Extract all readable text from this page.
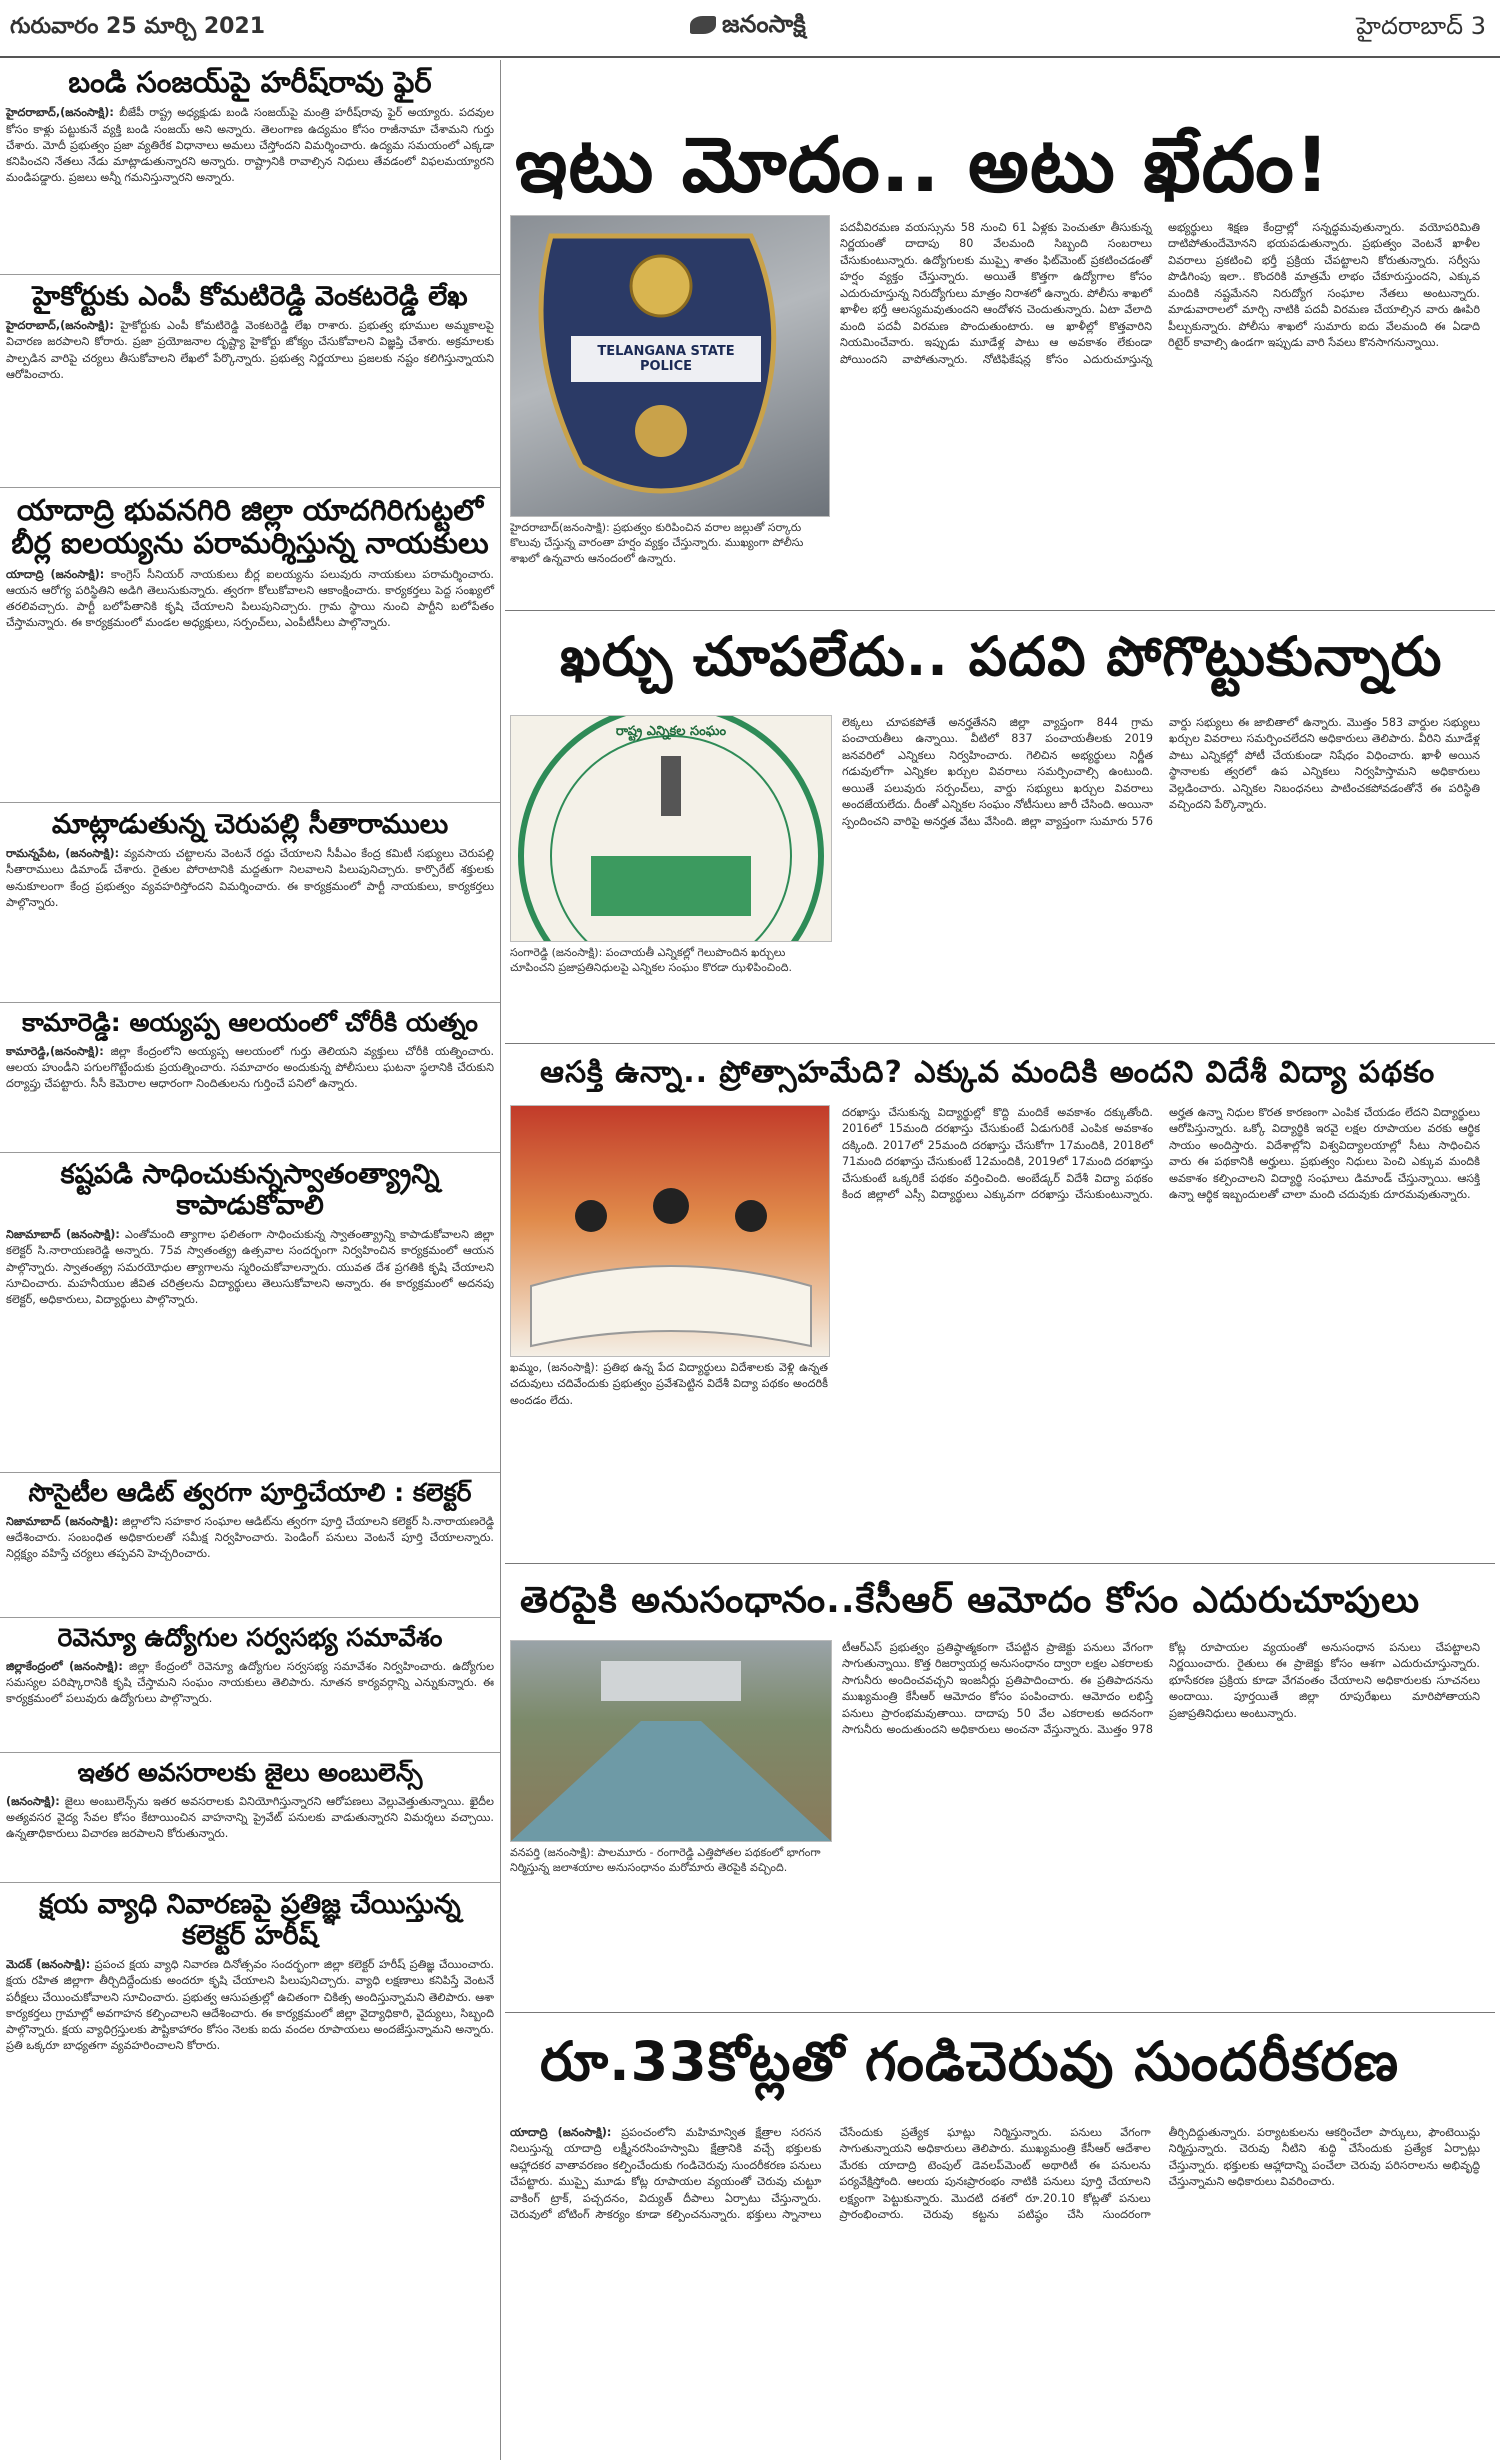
గురువారం 25 మార్చి 2021	జనంసాక్షి	హైదరాబాద్ 3
బండి సంజయ్‌పై హరీష్‌రావు ఫైర్‌

హైదరాబాద్‌,(జనంసాక్షి): బీజేపీ రాష్ట్ర అధ్యక్షుడు బండి సంజయ్‌పై మంత్రి హరీష్‌రావు ఫైర్‌ అయ్యారు. పదవుల కోసం కాళ్లు పట్టుకునే వ్యక్తి బండి సంజయ్‌ అని అన్నారు. తెలంగాణ ఉద్యమం కోసం రాజీనామా చేశామని గుర్తు చేశారు. మోదీ ప్రభుత్వం ప్రజా వ్యతిరేక విధానాలు అమలు చేస్తోందని విమర్శించారు. ఉద్యమ సమయంలో ఎక్కడా కనిపించని నేతలు నేడు మాట్లాడుతున్నారని అన్నారు. రాష్ట్రానికి రావాల్సిన నిధులు తేవడంలో విఫలమయ్యారని మండిపడ్డారు. ప్రజలు అన్నీ గమనిస్తున్నారని అన్నారు.

హైకోర్టుకు ఎంపీ కోమటిరెడ్డి వెంకటరెడ్డి లేఖ

హైదరాబాద్‌,(జనంసాక్షి): హైకోర్టుకు ఎంపీ కోమటిరెడ్డి వెంకటరెడ్డి లేఖ రాశారు. ప్రభుత్వ భూముల అమ్మకాలపై విచారణ జరపాలని కోరారు. ప్రజా ప్రయోజనాల దృష్ట్యా హైకోర్టు జోక్యం చేసుకోవాలని విజ్ఞప్తి చేశారు. అక్రమాలకు పాల్పడిన వారిపై చర్యలు తీసుకోవాలని లేఖలో పేర్కొన్నారు. ప్రభుత్వ నిర్ణయాలు ప్రజలకు నష్టం కలిగిస్తున్నాయని ఆరోపించారు.

యాదాద్రి భువనగిరి జిల్లా యాదగిరిగుట్టలో బీర్ల ఐలయ్యను పరామర్శిస్తున్న నాయకులు

యాదాద్రి (జనంసాక్షి): కాంగ్రెస్‌ సీనియర్‌ నాయకులు బీర్ల ఐలయ్యను పలువురు నాయకులు పరామర్శించారు. ఆయన ఆరోగ్య పరిస్థితిని అడిగి తెలుసుకున్నారు. త్వరగా కోలుకోవాలని ఆకాంక్షించారు. కార్యకర్తలు పెద్ద సంఖ్యలో తరలివచ్చారు. పార్టీ బలోపేతానికి కృషి చేయాలని పిలుపునిచ్చారు. గ్రామ స్థాయి నుంచి పార్టీని బలోపేతం చేస్తామన్నారు. ఈ కార్యక్రమంలో మండల అధ్యక్షులు, సర్పంచ్‌లు, ఎంపీటీసీలు పాల్గొన్నారు.

మాట్లాడుతున్న చెరుపల్లి సీతారాములు

రామన్నపేట, (జనంసాక్షి): వ్యవసాయ చట్టాలను వెంటనే రద్దు చేయాలని సీపీఎం కేంద్ర కమిటీ సభ్యులు చెరుపల్లి సీతారాములు డిమాండ్‌ చేశారు. రైతుల పోరాటానికి మద్దతుగా నిలవాలని పిలుపునిచ్చారు. కార్పొరేట్‌ శక్తులకు అనుకూలంగా కేంద్ర ప్రభుత్వం వ్యవహరిస్తోందని విమర్శించారు. ఈ కార్యక్రమంలో పార్టీ నాయకులు, కార్యకర్తలు పాల్గొన్నారు.

కామారెడ్డి: అయ్యప్ప ఆలయంలో చోరీకి యత్నం

కామారెడ్డి,(జనంసాక్షి): జిల్లా కేంద్రంలోని అయ్యప్ప ఆలయంలో గుర్తు తెలియని వ్యక్తులు చోరీకి యత్నించారు. ఆలయ హుండీని పగులగొట్టేందుకు ప్రయత్నించారు. సమాచారం అందుకున్న పోలీసులు ఘటనా స్థలానికి చేరుకుని దర్యాప్తు చేపట్టారు. సీసీ కెమెరాల ఆధారంగా నిందితులను గుర్తించే పనిలో ఉన్నారు.

కష్టపడి సాధించుకున్నస్వాతంత్య్రాన్ని కాపాడుకోవాలి

నిజామాబాద్‌ (జనంసాక్షి): ఎంతోమంది త్యాగాల ఫలితంగా సాధించుకున్న స్వాతంత్య్రాన్ని కాపాడుకోవాలని జిల్లా కలెక్టర్‌ సి.నారాయణరెడ్డి అన్నారు. 75వ స్వాతంత్య్ర ఉత్సవాల సందర్భంగా నిర్వహించిన కార్యక్రమంలో ఆయన పాల్గొన్నారు. స్వాతంత్య్ర సమరయోధుల త్యాగాలను స్మరించుకోవాలన్నారు. యువత దేశ ప్రగతికి కృషి చేయాలని సూచించారు. మహనీయుల జీవిత చరిత్రలను విద్యార్థులు తెలుసుకోవాలని అన్నారు. ఈ కార్యక్రమంలో అదనపు కలెక్టర్‌, అధికారులు, విద్యార్థులు పాల్గొన్నారు.

సొసైటీల ఆడిట్‌ త్వరగా పూర్తిచేయాలి : కలెక్టర్‌

నిజామాబాద్‌ (జనంసాక్షి): జిల్లాలోని సహకార సంఘాల ఆడిట్‌ను త్వరగా పూర్తి చేయాలని కలెక్టర్‌ సి.నారాయణరెడ్డి ఆదేశించారు. సంబంధిత అధికారులతో సమీక్ష నిర్వహించారు. పెండింగ్‌ పనులు వెంటనే పూర్తి చేయాలన్నారు. నిర్లక్ష్యం వహిస్తే చర్యలు తప్పవని హెచ్చరించారు.

రెవెన్యూ ఉద్యోగుల సర్వసభ్య సమావేశం

జిల్లాకేంద్రంలో (జనంసాక్షి): జిల్లా కేంద్రంలో రెవెన్యూ ఉద్యోగుల సర్వసభ్య సమావేశం నిర్వహించారు. ఉద్యోగుల సమస్యల పరిష్కారానికి కృషి చేస్తామని సంఘం నాయకులు తెలిపారు. నూతన కార్యవర్గాన్ని ఎన్నుకున్నారు. ఈ కార్యక్రమంలో పలువురు ఉద్యోగులు పాల్గొన్నారు.

ఇతర అవసరాలకు జైలు అంబులెన్స్‌

(జనంసాక్షి): జైలు అంబులెన్స్‌ను ఇతర అవసరాలకు వినియోగిస్తున్నారని ఆరోపణలు వెల్లువెత్తుతున్నాయి. ఖైదీల అత్యవసర వైద్య సేవల కోసం కేటాయించిన వాహనాన్ని ప్రైవేట్‌ పనులకు వాడుతున్నారని విమర్శలు వచ్చాయి. ఉన్నతాధికారులు విచారణ జరపాలని కోరుతున్నారు.

క్షయ వ్యాధి నివారణపై ప్రతిజ్ఞ చేయిస్తున్న కలెక్టర్‌ హరీష్‌

మెదక్‌ (జనంసాక్షి): ప్రపంచ క్షయ వ్యాధి నివారణ దినోత్సవం సందర్భంగా జిల్లా కలెక్టర్‌ హరీష్‌ ప్రతిజ్ఞ చేయించారు. క్షయ రహిత జిల్లాగా తీర్చిదిద్దేందుకు అందరూ కృషి చేయాలని పిలుపునిచ్చారు. వ్యాధి లక్షణాలు కనిపిస్తే వెంటనే పరీక్షలు చేయించుకోవాలని సూచించారు. ప్రభుత్వ ఆసుపత్రుల్లో ఉచితంగా చికిత్స అందిస్తున్నామని తెలిపారు. ఆశా కార్యకర్తలు గ్రామాల్లో అవగాహన కల్పించాలని ఆదేశించారు. ఈ కార్యక్రమంలో జిల్లా వైద్యాధికారి, వైద్యులు, సిబ్బంది పాల్గొన్నారు. క్షయ వ్యాధిగ్రస్తులకు పౌష్టికాహారం కోసం నెలకు ఐదు వందల రూపాయలు అందజేస్తున్నామని అన్నారు. ప్రతి ఒక్కరూ బాధ్యతగా వ్యవహరించాలని కోరారు.

ఇటు మోదం.. అటు ఖేదం!
TELANGANA STATE POLICE
హైదరాబాద్‌(జనంసాక్షి): ప్రభుత్వం కురిపించిన వరాల జల్లుతో సర్కారు కొలువు చేస్తున్న వారంతా హర్షం వ్యక్తం చేస్తున్నారు. ముఖ్యంగా పోలీసు శాఖలో ఉన్నవారు ఆనందంలో ఉన్నారు.
పదవీవిరమణ వయస్సును 58 నుంచి 61 ఏళ్లకు పెంచుతూ తీసుకున్న నిర్ణయంతో దాదాపు 80 వేలమంది సిబ్బంది సంబరాలు చేసుకుంటున్నారు. ఉద్యోగులకు ముప్పై శాతం ఫిట్‌మెంట్‌ ప్రకటించడంతో హర్షం వ్యక్తం చేస్తున్నారు. అయితే కొత్తగా ఉద్యోగాల కోసం ఎదురుచూస్తున్న నిరుద్యోగులు మాత్రం నిరాశలో ఉన్నారు. పోలీసు శాఖలో ఖాళీల భర్తీ ఆలస్యమవుతుందని ఆందోళన చెందుతున్నారు. ఏటా వేలాది మంది పదవీ విరమణ పొందుతుంటారు. ఆ ఖాళీల్లో కొత్తవారిని నియమించేవారు. ఇప్పుడు మూడేళ్ల పాటు ఆ అవకాశం లేకుండా పోయిందని వాపోతున్నారు. నోటిఫికేషన్ల కోసం ఎదురుచూస్తున్న అభ్యర్థులు శిక్షణ కేంద్రాల్లో సన్నద్ధమవుతున్నారు. వయోపరిమితి దాటిపోతుందేమోనని భయపడుతున్నారు. ప్రభుత్వం వెంటనే ఖాళీల వివరాలు ప్రకటించి భర్తీ ప్రక్రియ చేపట్టాలని కోరుతున్నారు. సర్వీసు పొడిగింపు ఇలా.. కొందరికి మాత్రమే లాభం చేకూరుస్తుందని, ఎక్కువ మందికి నష్టమేనని నిరుద్యోగ సంఘాల నేతలు అంటున్నారు. మాడువారాలలో మార్చి నాటికి పదవీ విరమణ చేయాల్సిన వారు ఊపిరి పీల్చుకున్నారు. పోలీసు శాఖలో సుమారు ఐదు వేలమంది ఈ ఏడాది రిటైర్‌ కావాల్సి ఉండగా ఇప్పుడు వారి సేవలు కొనసాగనున్నాయి.
ఖర్చు చూపలేదు.. పదవి పోగొట్టుకున్నారు
రాష్ట్ర ఎన్నికల సంఘం
సంగారెడ్డి (జనంసాక్షి): పంచాయతీ ఎన్నికల్లో గెలుపొందిన ఖర్చులు చూపించని ప్రజాప్రతినిధులపై ఎన్నికల సంఘం కొరడా ఝళిపించింది.
లెక్కలు చూపకపోతే అనర్హతేనని జిల్లా వ్యాప్తంగా 844 గ్రామ పంచాయతీలు ఉన్నాయి. వీటిలో 837 పంచాయతీలకు 2019 జనవరిలో ఎన్నికలు నిర్వహించారు. గెలిచిన అభ్యర్థులు నిర్ణీత గడువులోగా ఎన్నికల ఖర్చుల వివరాలు సమర్పించాల్సి ఉంటుంది. అయితే పలువురు సర్పంచ్‌లు, వార్డు సభ్యులు ఖర్చుల వివరాలు అందజేయలేదు. దీంతో ఎన్నికల సంఘం నోటీసులు జారీ చేసింది. అయినా స్పందించని వారిపై అనర్హత వేటు వేసింది. జిల్లా వ్యాప్తంగా సుమారు 576 వార్డు సభ్యులు ఈ జాబితాలో ఉన్నారు. మొత్తం 583 వార్డుల సభ్యులు ఖర్చుల వివరాలు సమర్పించలేదని అధికారులు తెలిపారు. వీరిని మూడేళ్ల పాటు ఎన్నికల్లో పోటీ చేయకుండా నిషేధం విధించారు. ఖాళీ అయిన స్థానాలకు త్వరలో ఉప ఎన్నికలు నిర్వహిస్తామని అధికారులు వెల్లడించారు. ఎన్నికల నిబంధనలు పాటించకపోవడంతోనే ఈ పరిస్థితి వచ్చిందని పేర్కొన్నారు.
ఆసక్తి ఉన్నా.. ప్రోత్సాహమేది? ఎక్కువ మందికి అందని విదేశీ విద్యా పథకం
ఖమ్మం, (జనంసాక్షి): ప్రతిభ ఉన్న పేద విద్యార్థులు విదేశాలకు వెళ్లి ఉన్నత చదువులు చదివేందుకు ప్రభుత్వం ప్రవేశపెట్టిన విదేశీ విద్యా పథకం అందరికీ అందడం లేదు.
దరఖాస్తు చేసుకున్న విద్యార్థుల్లో కొద్ది మందికే అవకాశం దక్కుతోంది. 2016లో 15మంది దరఖాస్తు చేసుకుంటే ఏడుగురికే ఎంపిక అవకాశం దక్కింది. 2017లో 25మంది దరఖాస్తు చేసుకోగా 17మందికి, 2018లో 71మంది దరఖాస్తు చేసుకుంటే 12మందికి, 2019లో 17మంది దరఖాస్తు చేసుకుంటే ఒక్కరికే పథకం వర్తించింది. అంబేడ్కర్‌ విదేశీ విద్యా పథకం కింద జిల్లాలో ఎస్సీ విద్యార్థులు ఎక్కువగా దరఖాస్తు చేసుకుంటున్నారు. అర్హత ఉన్నా నిధుల కొరత కారణంగా ఎంపిక చేయడం లేదని విద్యార్థులు ఆరోపిస్తున్నారు. ఒక్కో విద్యార్థికి ఇరవై లక్షల రూపాయల వరకు ఆర్థిక సాయం అందిస్తారు. విదేశాల్లోని విశ్వవిద్యాలయాల్లో సీటు సాధించిన వారు ఈ పథకానికి అర్హులు. ప్రభుత్వం నిధులు పెంచి ఎక్కువ మందికి అవకాశం కల్పించాలని విద్యార్థి సంఘాలు డిమాండ్‌ చేస్తున్నాయి. ఆసక్తి ఉన్నా ఆర్థిక ఇబ్బందులతో చాలా మంది చదువుకు దూరమవుతున్నారు.
తెరపైకి అనుసంధానం..కేసీఆర్‌ ఆమోదం కోసం ఎదురుచూపులు
వనపర్తి (జనంసాక్షి): పాలమూరు - రంగారెడ్డి ఎత్తిపోతల పథకంలో భాగంగా నిర్మిస్తున్న జలాశయాల అనుసంధానం మరోమారు తెరపైకి వచ్చింది.
టీఆర్‌ఎస్‌ ప్రభుత్వం ప్రతిష్ఠాత్మకంగా చేపట్టిన ప్రాజెక్టు పనులు వేగంగా సాగుతున్నాయి. కొత్త రిజర్వాయర్ల అనుసంధానం ద్వారా లక్షల ఎకరాలకు సాగునీరు అందించవచ్చని ఇంజనీర్లు ప్రతిపాదించారు. ఈ ప్రతిపాదనను ముఖ్యమంత్రి కేసీఆర్‌ ఆమోదం కోసం పంపించారు. ఆమోదం లభిస్తే పనులు ప్రారంభమవుతాయి. దాదాపు 50 వేల ఎకరాలకు అదనంగా సాగునీరు అందుతుందని అధికారులు అంచనా వేస్తున్నారు. మొత్తం 978 కోట్ల రూపాయల వ్యయంతో అనుసంధాన పనులు చేపట్టాలని నిర్ణయించారు. రైతులు ఈ ప్రాజెక్టు కోసం ఆశగా ఎదురుచూస్తున్నారు. భూసేకరణ ప్రక్రియ కూడా వేగవంతం చేయాలని అధికారులకు సూచనలు అందాయి. పూర్తయితే జిల్లా రూపురేఖలు మారిపోతాయని ప్రజాప్రతినిధులు అంటున్నారు.
రూ.33కోట్లతో గండిచెరువు సుందరీకరణ
యాదాద్రి (జనంసాక్షి): ప్రపంచంలోని మహిమాన్విత క్షేత్రాల సరసన నిలుస్తున్న యాదాద్రి లక్ష్మీనరసింహస్వామి క్షేత్రానికి వచ్చే భక్తులకు ఆహ్లాదకర వాతావరణం కల్పించేందుకు గండిచెరువు సుందరీకరణ పనులు చేపట్టారు. ముప్పై మూడు కోట్ల రూపాయల వ్యయంతో చెరువు చుట్టూ వాకింగ్‌ ట్రాక్‌, పచ్చదనం, విద్యుత్‌ దీపాలు ఏర్పాటు చేస్తున్నారు. చెరువులో బోటింగ్‌ సౌకర్యం కూడా కల్పించనున్నారు. భక్తులు స్నానాలు చేసేందుకు ప్రత్యేక ఘాట్లు నిర్మిస్తున్నారు. పనులు వేగంగా సాగుతున్నాయని అధికారులు తెలిపారు. ముఖ్యమంత్రి కేసీఆర్‌ ఆదేశాల మేరకు యాదాద్రి టెంపుల్‌ డెవలప్‌మెంట్‌ అథారిటీ ఈ పనులను పర్యవేక్షిస్తోంది. ఆలయ పునఃప్రారంభం నాటికి పనులు పూర్తి చేయాలని లక్ష్యంగా పెట్టుకున్నారు. మొదటి దశలో రూ.20.10 కోట్లతో పనులు ప్రారంభించారు. చెరువు కట్టను పటిష్ఠం చేసి సుందరంగా తీర్చిదిద్దుతున్నారు. పర్యాటకులను ఆకర్షించేలా పార్కులు, ఫౌంటెయిన్లు నిర్మిస్తున్నారు. చెరువు నీటిని శుద్ధి చేసేందుకు ప్రత్యేక ఏర్పాట్లు చేస్తున్నారు. భక్తులకు ఆహ్లాదాన్ని పంచేలా చెరువు పరిసరాలను అభివృద్ధి చేస్తున్నామని అధికారులు వివరించారు.
